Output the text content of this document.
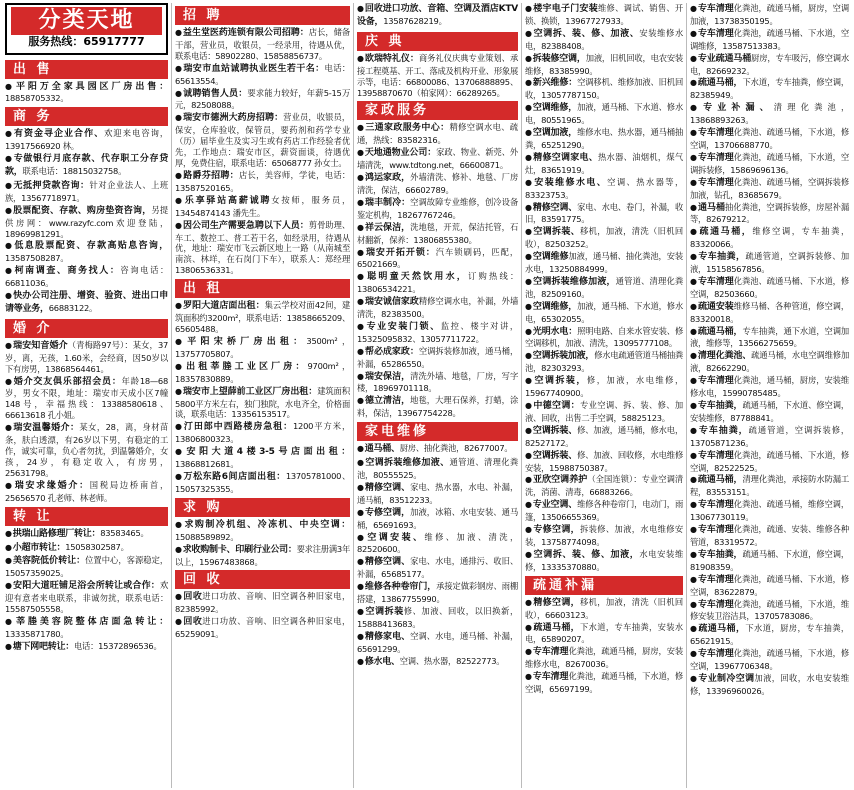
分类天地
服务热线：65917777
出 售
● 平阳万全家具园区厂房出售：18858705332。
商 务
● 有资金寻企业合作、欢迎来电咨询，13917566920 林。
● 专做银行月底存款、代存职工分存贷款，联系电话：18815032758。
● 无抵押贷款咨询：针对企业法人、上班族，13567718971。
● 股票配资、存款、购房垫资咨询，另提供房网：www.razyfc.com欢迎登陆，18969981291。
● 低息股票配资、存款高贴息咨询，13587508287。
● 柯南调查、商务找人：咨询电话：66811036。
● 快办公司注册、增资、验资、进出口申请等业务，66883122。
婚 介
● 瑞安知音婚介（青梅路97号）：某女，37岁，离，无孩，1.60米，会经商，因50岁以下有房男，13868564461。
● 婚介交友俱乐部招会员：年龄18—68岁，男女不限，地址：瑞安市天成小区7幢148号，幸福热线：13388580618、66613618 孔小姐。
● 瑞安温馨婚介：某女，28，离，身材苗条，肤白透漂，有26岁以下男，有稳定的工作，诚实可靠，负心者勿扰，到温馨婚介，女孩，24岁，有稳定收入，有房男，25631798。
● 瑞安求缘婚介：国税局边桥南首，25656570 孔老师、林老师。
转 让
● 拱瑞山路修理厂转让：83583465。
● 小超市转让：15058302587。
● 美容院低价转让：位置中心，客源稳定，15057359025。
● 安阳大道旺铺足浴会所转让或合作：欢迎有意者来电联系，非诚勿扰，联系电话：15587505558。
● 莘塍美容院整体店面急转让：13335871780。
● 塘下网吧转让：电话：15372896536。
招 聘
● 益生堂医药连锁有限公司招聘：店长，储备干部，营业员，收银员，一经录用，待遇从优，联系电话：58902280、15858856737。
● 瑞安市血站诚聘执业医生若干名：电话：65613554。
● 诚聘销售人员：要求能力较好，年薪5-15万元，82508088。
● 瑞安市德洲大药房招聘：营业员，收银员，保安，仓库验收，保管员，要药剂和药学专业（历）届毕业生及实习生或有药店工作经验者优先，工作地点：瑞安市区，薪资面谈，待遇优厚，免费住宿，联系电话：65068777 孙女士。
● 路爵芬招聘：店长，美容师，学徒，电话：13587520165。
● 乐享驿站高薪诚聘女按师，服务员，13454874143 潘先生。
● 因公司生产需要急聘以下人员：剪骨助理、车工、数控工、普工若干名，如经录用，待遇从优，地址：瑞安市飞云新区地上一路（从南城至南滨、林垟，在石岗门下车），联系人：郑经理 13806536331。
出 租
● 罗阳大道店面出租：集云学校对面42间，建筑面积约3200m²，联系电话：13858665209、65605488。
● 平阳宋桥厂房出租：3500m²，13757705807。
● 出租莘塍工业区厂房：9700m²，18357830889。
● 瑞安市上望薛前工业区厂房出租：建筑面积5800平方米左右，独门独院，水电齐全，价格面谈，联系电话：13356153517。
● 汀田郎中西路楼房急租：1200平方米，13806800323。
● 安阳大道4楼3-5号店面出租：13868812681。
● 万松东路6间店面出租：13705781000、15057325355。
求 购
● 求购制冷机组、冷冻机、中央空调：15088589892。
● 求收购制卡、印刷行业公司：要求注册满3年以上，15967483868。
回 收
● 回收进口功放、音响、旧空调各种旧家电，82385992。
● 回收进口功放、音响、旧空调各种旧家电，65259091。
● 回收进口功放、音箱、空调及酒店KTV设备，13587628219。
庆 典
● 欧瑞特礼仪：商务礼仪庆典专业策划、承接工程奠基、开工、落成及机构开业、形象展示等，电话：66800086、13706888895、13958870670（柏家网）：66289265。
家政服务
● 三通家政服务中心：精修空调水电、疏通，热线：83582316。
● 天地通物业公司：家政、物业、新莞、外墙清洗，www.tdtong.net，66600871。
● 鸿运家政，外墙清洗、修补、地毯、厂房清洗，保洁，66602789。
● 瑞丰制冷：空调故障专业维修，创冷设备鉴定机构，18267767246。
● 祥云保洁，洗地毯，开荒，保洁托管，石材翻新，保养：13806855380。
● 瑞安开拓开锁：汽车锁刷码，匹配，65021669。
● 聪明童天然饮用水，订购热线：13806534221。
● 瑞安诚信家政精修空调水电，补漏，外墙清洗，82383500。
● 专业安装门锁、监控、楼宇对讲，15325095832、13057711722。
● 帮必成家政：空调拆装修加液，通马桶，补漏，65286550。
● 瑞安保洁，清洗外墙、地毯，厂房，写字楼，18969701118。
● 德立清洁，地毯，大理石保养，打蜡，涂料，保洁，13967754228。
家电维修
● 通马桶、厨房、抽化粪池，82677007。
● 空调拆装维修加液、通管道、清理化粪池，80555525。
● 精修空调、家电、热水器，水电、补漏，通马桶，83512233。
● 专修空调，加液，冰箱、水电安装、通马桶，65691693。
● 空调安装、维修、加液、清洗，82520600。
● 精修空调、家电、水电，通排污、收旧、补漏，65685177。
● 维修各种卷帘门，承接定做彩钢房、雨棚搭建，13867755990。
● 空调拆装修、加液、回收，以旧换新，15888413683。
● 精修家电、空调、水电，通马桶、补漏，65691299。
● 修水电、空调、热水器，82522773。
● 楼宇电子门安装维修、调试、销售、开锁、换锁，13967727933。
● 空调拆、装、修、加液、安装维修水电，82388408。
● 拆装修空调，加液，旧机回收，电农安装维修，83385990。
● 新兴维修：空调移机、维修加液、旧机回收，13057787150。
● 空调维修，加液，通马桶、下水道、修水电，80551965。
● 空调加液，维修水电、热水器，通马桶抽粪，65251290。
● 精修空调家电、热水器、油烟机，煤气灶，83651919。
● 安装维修水电、空调、热水器等，83323753。
● 精修空调、家电、水电、卷门，补漏，收旧，83591775。
● 空调拆装、移机，加液，清洗（旧机回收），82503252。
● 空调维修加液，通马桶、抽化粪池，安装水电，13250884999。
● 空调拆装维修加液，通管道、清理化粪池，82509160。
● 空调维修，加液，通马桶、下水道，修水电，65302055。
● 光明水电：照明电路、自来水管安装、修空调移机，加液、清洗，13095777108。
● 空调拆装加液，修水电疏通管道马桶抽粪池，82303293。
● 空调拆装，修，加液，水电维修，15967740900。
● 中德空调：专业空调、拆、装、修、加液、回收，出售二手空调，58825123。
● 空调拆装、修、加液，通马桶，修水电，82527172。
● 空调拆装、修、加液、回收修，水电维修安装，15988750387。
● 亚欣空调养护（全国连锁）：专业空调清洗，消菌、清毒，66883266。
● 专业空调、维修各种卷帘门，电动门，雨篷，13506655369。
● 专修空调，拆装修、加液，水电维修安装，13758774098。
● 空调拆、装、修、加液，水电安装维修，13335370880。
疏通补漏
● 精修空调，移机，加液，清洗（旧机回收），66603123。
● 疏通马桶，下水道，专车抽粪，安装水电，65890207。
● 专车清理化粪池，疏通马桶，厨房，安装维修水电，82670036。
● 专车清理化粪池，疏通马桶，下水道，修空调，65697199。
● 专车清理化粪池，疏通马桶，厨房，空调加液，13738350195。
● 专车清理化粪池，疏通马桶、下水道，空调维修，13587513383。
● 专业疏通马桶厨房，专车吸污，修空调水电，82669232。
● 疏通马桶，下水道，专车抽粪，修空调，82385949。
● 专业补漏、清理化粪池，13868893263。
● 专车清理化粪池、疏通马桶，下水道，修空调，13706688770。
● 专车清理化粪池，疏通马桶，下水道，空调拆装修，15869696136。
● 专车清理化粪池、疏通马桶，空调拆装修加液，钻孔，83685679。
● 通马桶抽化粪池，空调拆装修，房屋补漏等，82679212。
● 疏通马桶，维修空调，专车抽粪，83320066。
● 专车抽粪，疏通管道，空调拆装修、加液，15158567856。
● 专车清理化粪池、疏通马桶、下水道，修空调，82503660。
● 疏通安装维修马桶、各种管道，修空调，83320018。
● 疏通马桶，专车抽粪，通下水道，空调加液，维修等，13566275659。
● 清理化粪池、疏通马桶，水电空调维修加液，82662290。
● 专车清理化粪池，通马桶，厨房，安装维修水电，15990785485。
● 专车抽粪，疏通马桶，下水道、修空调，安装维修，87788841。
● 专车抽粪，疏通管道，空调拆装修，13705871236。
● 专车清理化粪池，疏通马桶、下水道，修空调，82522525。
● 疏通马桶，清理化粪池，承接防水防漏工程，83553151。
● 专车清理化粪池、疏通马桶，维修空调，13067730119。
● 专车清理化粪池，疏通、安装、维修各种管道，83319572。
● 专车抽粪，疏通马桶、下水道，修空调，81908359。
● 专车清理化粪池，疏通马桶、下水道，修空调，83622879。
● 专车清理化粪池，疏通马桶，下水道，维修安装卫浴洁具，13705783086。
● 疏通马桶，下水道，厨房，专车抽粪，65621915。
● 专车清理化粪池，疏通马桶，下水道，修空调，13967706348。
● 专业制冷空调加液，回收，水电安装维修，13396960026。
